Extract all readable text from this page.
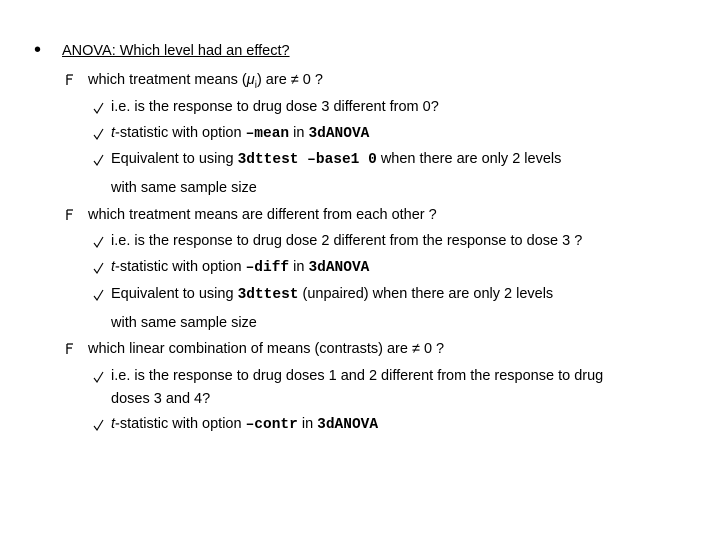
• ANOVA: Which level had an effect?
which treatment means $(\mu_i)$ are ≠ 0 ?
i.e. is the response to drug dose 3 different from 0?
t-statistic with option –mean in 3dANOVA
Equivalent to using 3dttest –base1 0 when there are only 2 levels
with same sample size
which treatment means are different from each other ?
i.e. is the response to drug dose 2 different from the response to dose 3 ?
t-statistic with option –diff in 3dANOVA
Equivalent to using 3dttest (unpaired) when there are only 2 levels
with same sample size
which linear combination of means (contrasts) are ≠ 0 ?
i.e. is the response to drug doses 1 and 2 different from the response to drug
doses 3 and 4?
t-statistic with option –contr in 3dANOVA
